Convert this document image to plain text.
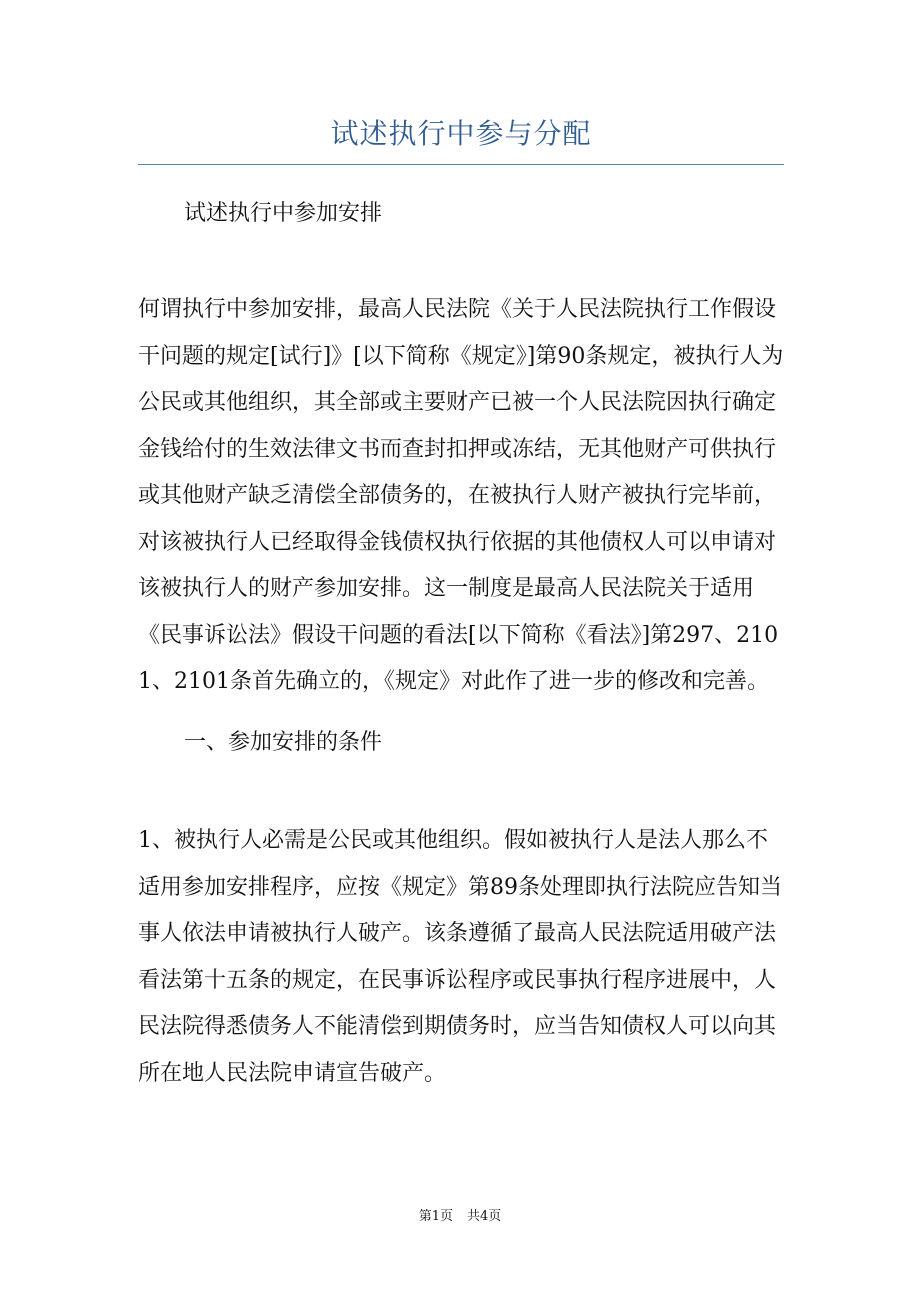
试述执行中参与分配

试述执行中参加安排

何谓执行中参加安排，最高人民法院《关于人民法院执行工作假设干问题的规定[试行]》[以下简称《规定》]第90条规定，被执行人为公民或其他组织，其全部或主要财产已被一个人民法院因执行确定金钱给付的生效法律文书而查封扣押或冻结，无其他财产可供执行或其他财产缺乏清偿全部债务的，在被执行人财产被执行完毕前，对该被执行人已经取得金钱债权执行依据的其他债权人可以申请对该被执行人的财产参加安排。这一制度是最高人民法院关于适用《民事诉讼法》假设干问题的看法[以下简称《看法》]第297、2101、2101条首先确立的，《规定》对此作了进一步的修改和完善。

一、参加安排的条件

1、被执行人必需是公民或其他组织。假如被执行人是法人那么不适用参加安排程序，应按《规定》第89条处理即执行法院应告知当事人依法申请被执行人破产。该条遵循了最高人民法院适用破产法看法第十五条的规定，在民事诉讼程序或民事执行程序进展中，人民法院得悉债务人不能清偿到期债务时，应当告知债权人可以向其所在地人民法院申请宣告破产。

第1页 共4页
